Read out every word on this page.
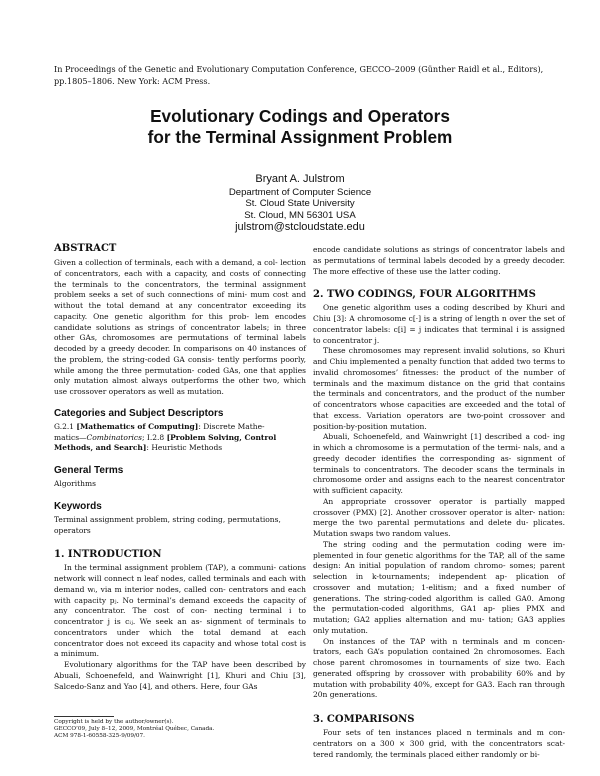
In Proceedings of the Genetic and Evolutionary Computation Conference, GECCO–2009 (Günther Raidl et al., Editors), pp.1805–1806. New York: ACM Press.
Evolutionary Codings and Operators
for the Terminal Assignment Problem
Bryant A. Julstrom
Department of Computer Science
St. Cloud State University
St. Cloud, MN 56301 USA
julstrom@stcloudstate.edu
ABSTRACT

Given a collection of terminals, each with a demand, a col- lection of concentrators, each with a capacity, and costs of connecting the terminals to the concentrators, the terminal assignment problem seeks a set of such connections of mini- mum cost and without the total demand at any concentrator exceeding its capacity. One genetic algorithm for this prob- lem encodes candidate solutions as strings of concentrator labels; in three other GAs, chromosomes are permutations of terminal labels decoded by a greedy decoder. In comparisons on 40 instances of the problem, the string-coded GA consis- tently performs poorly, while among the three permutation- coded GAs, one that applies only mutation almost always outperforms the other two, which use crossover operators as well as mutation.

Categories and Subject Descriptors
G.2.1 [Mathematics of Computing]: Discrete Mathe-
matics—Combinatorics; I.2.8 [Problem Solving, Control
Methods, and Search]: Heuristic Methods
General Terms
Algorithms
Keywords
Terminal assignment problem, string coding, permutations,
operators
1. INTRODUCTION

In the terminal assignment problem (TAP), a communi- cations network will connect n leaf nodes, called terminals and each with demand wᵢ, via m interior nodes, called con- centrators and each with capacity pⱼ. No terminal’s demand exceeds the capacity of any concentrator. The cost of con- necting terminal i to concentrator j is cᵢⱼ. We seek an as- signment of terminals to concentrators under which the total demand at each concentrator does not exceed its capacity and whose total cost is a minimum.

Evolutionary algorithms for the TAP have been described by Abuali, Schoenefeld, and Wainwright [1], Khuri and Chiu [3], Salcedo-Sanz and Yao [4], and others. Here, four GAs

Copyright is held by the author/owner(s).
GECCO’09, July 8–12, 2009, Montréal Québec, Canada.
ACM 978-1-60558-325-9/09/07.

encode candidate solutions as strings of concentrator labels and as permutations of terminal labels decoded by a greedy decoder. The more effective of these use the latter coding.

2. TWO CODINGS, FOUR ALGORITHMS

One genetic algorithm uses a coding described by Khuri and Chiu [3]: A chromosome c[·] is a string of length n over the set of concentrator labels: c[i] = j indicates that terminal i is assigned to concentrator j.

These chromosomes may represent invalid solutions, so Khuri and Chiu implemented a penalty function that added two terms to invalid chromosomes’ fitnesses: the product of the number of terminals and the maximum distance on the grid that contains the terminals and concentrators, and the product of the number of concentrators whose capacities are exceeded and the total of that excess. Variation operators are two-point crossover and position-by-position mutation.

Abuali, Schoenefeld, and Wainwright [1] described a cod- ing in which a chromosome is a permutation of the termi- nals, and a greedy decoder identifies the corresponding as- signment of terminals to concentrators. The decoder scans the terminals in chromosome order and assigns each to the nearest concentrator with sufficient capacity.

An appropriate crossover operator is partially mapped crossover (PMX) [2]. Another crossover operator is alter- nation: merge the two parental permutations and delete du- plicates. Mutation swaps two random values.

The string coding and the permutation coding were im- plemented in four genetic algorithms for the TAP, all of the same design: An initial population of random chromo- somes; parent selection in k-tournaments; independent ap- plication of crossover and mutation; 1-elitism; and a fixed number of generations. The string-coded algorithm is called GA0. Among the permutation-coded algorithms, GA1 ap- plies PMX and mutation; GA2 applies alternation and mu- tation; GA3 applies only mutation.

On instances of the TAP with n terminals and m concen- trators, each GA’s population contained 2n chromosomes. Each chose parent chromosomes in tournaments of size two. Each generated offspring by crossover with probability 60% and by mutation with probability 40%, except for GA3. Each ran through 20n generations.

3. COMPARISONS

Four sets of ten instances placed n terminals and m con- centrators on a 300 × 300 grid, with the concentrators scat- tered randomly, the terminals placed either randomly or bi-
